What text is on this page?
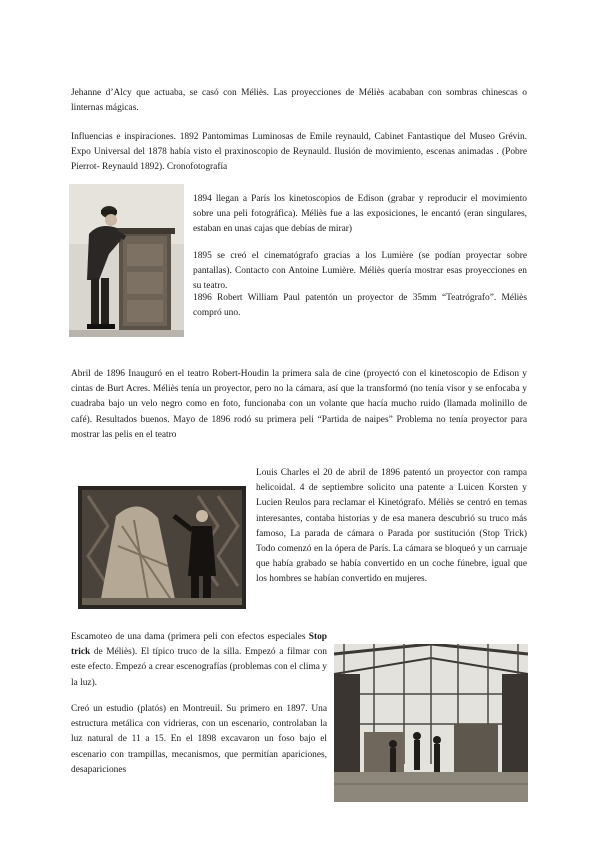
Jehanne d’Alcy que actuaba, se casó con Méliès. Las proyecciones de Méliès acababan con sombras chinescas o linternas mágicas.

Influencias e inspiraciones. 1892 Pantomimas Luminosas de Emile reynauld, Cabinet Fantastique del Museo Grévin. Expo Universal del 1878 había visto el praxinoscopio de Reynauld. Ilusión de movimiento, escenas animadas . (Pobre Pierrot- Reynauld 1892). Cronofotografía

1894 llegan a París los kinetoscopios de Edison (grabar y reproducir el movimiento sobre una peli fotográfica). Méliès fue a las exposiciones, le encantó (eran singulares, estaban en unas cajas que debías de mirar)

1895 se creó el cinematógrafo gracias a los Lumière (se podían proyectar sobre pantallas). Contacto con Antoine Lumière. Méliès quería mostrar esas proyecciones en su teatro.

1896 Robert William Paul patentón un proyector de 35mm “Teatrógrafo”. Méliès compró uno.

Abril de 1896 Inauguró en el teatro Robert-Houdin la primera sala de cine (proyectó con el kinetoscopio de Edison y cintas de Burt Acres. Méliès tenía un proyector, pero no la cámara, así que la transformó (no tenía visor y se enfocaba y cuadraba bajo un velo negro como en foto, funcionaba con un volante que hacía mucho ruido (llamada molinillo de café). Resultados buenos. Mayo de 1896 rodó su primera peli “Partida de naipes” Problema no tenía proyector para mostrar las pelis en el teatro

Louis Charles el 20 de abril de 1896 patentó un proyector con rampa helicoidal. 4 de septiembre solicito una patente a Luicen Korsten y Lucien Reulos para reclamar el Kinetógrafo. Méliès se centró en temas interesantes, contaba historias y de esa manera descubrió su truco más famoso, La parada de cámara o Parada por sustitución (Stop Trick) Todo comenzó en la ópera de París. La cámara se bloqueó y un carruaje que había grabado se había convertido en un coche fúnebre, igual que los hombres se habían convertido en mujeres.

Escamoteo de una dama (primera peli con efectos especiales Stop trick de Méliès). El típico truco de la silla. Empezó a filmar con este efecto. Empezó a crear escenografías (problemas con el clima y la luz).

Creó un estudio (platós) en Montreuil. Su primero en 1897. Una estructura metálica con vidrieras, con un escenario, controlaban la luz natural de 11 a 15. En el 1898 excavaron un foso bajo el escenario con trampillas, mecanismos, que permitían apariciones, desapariciones
